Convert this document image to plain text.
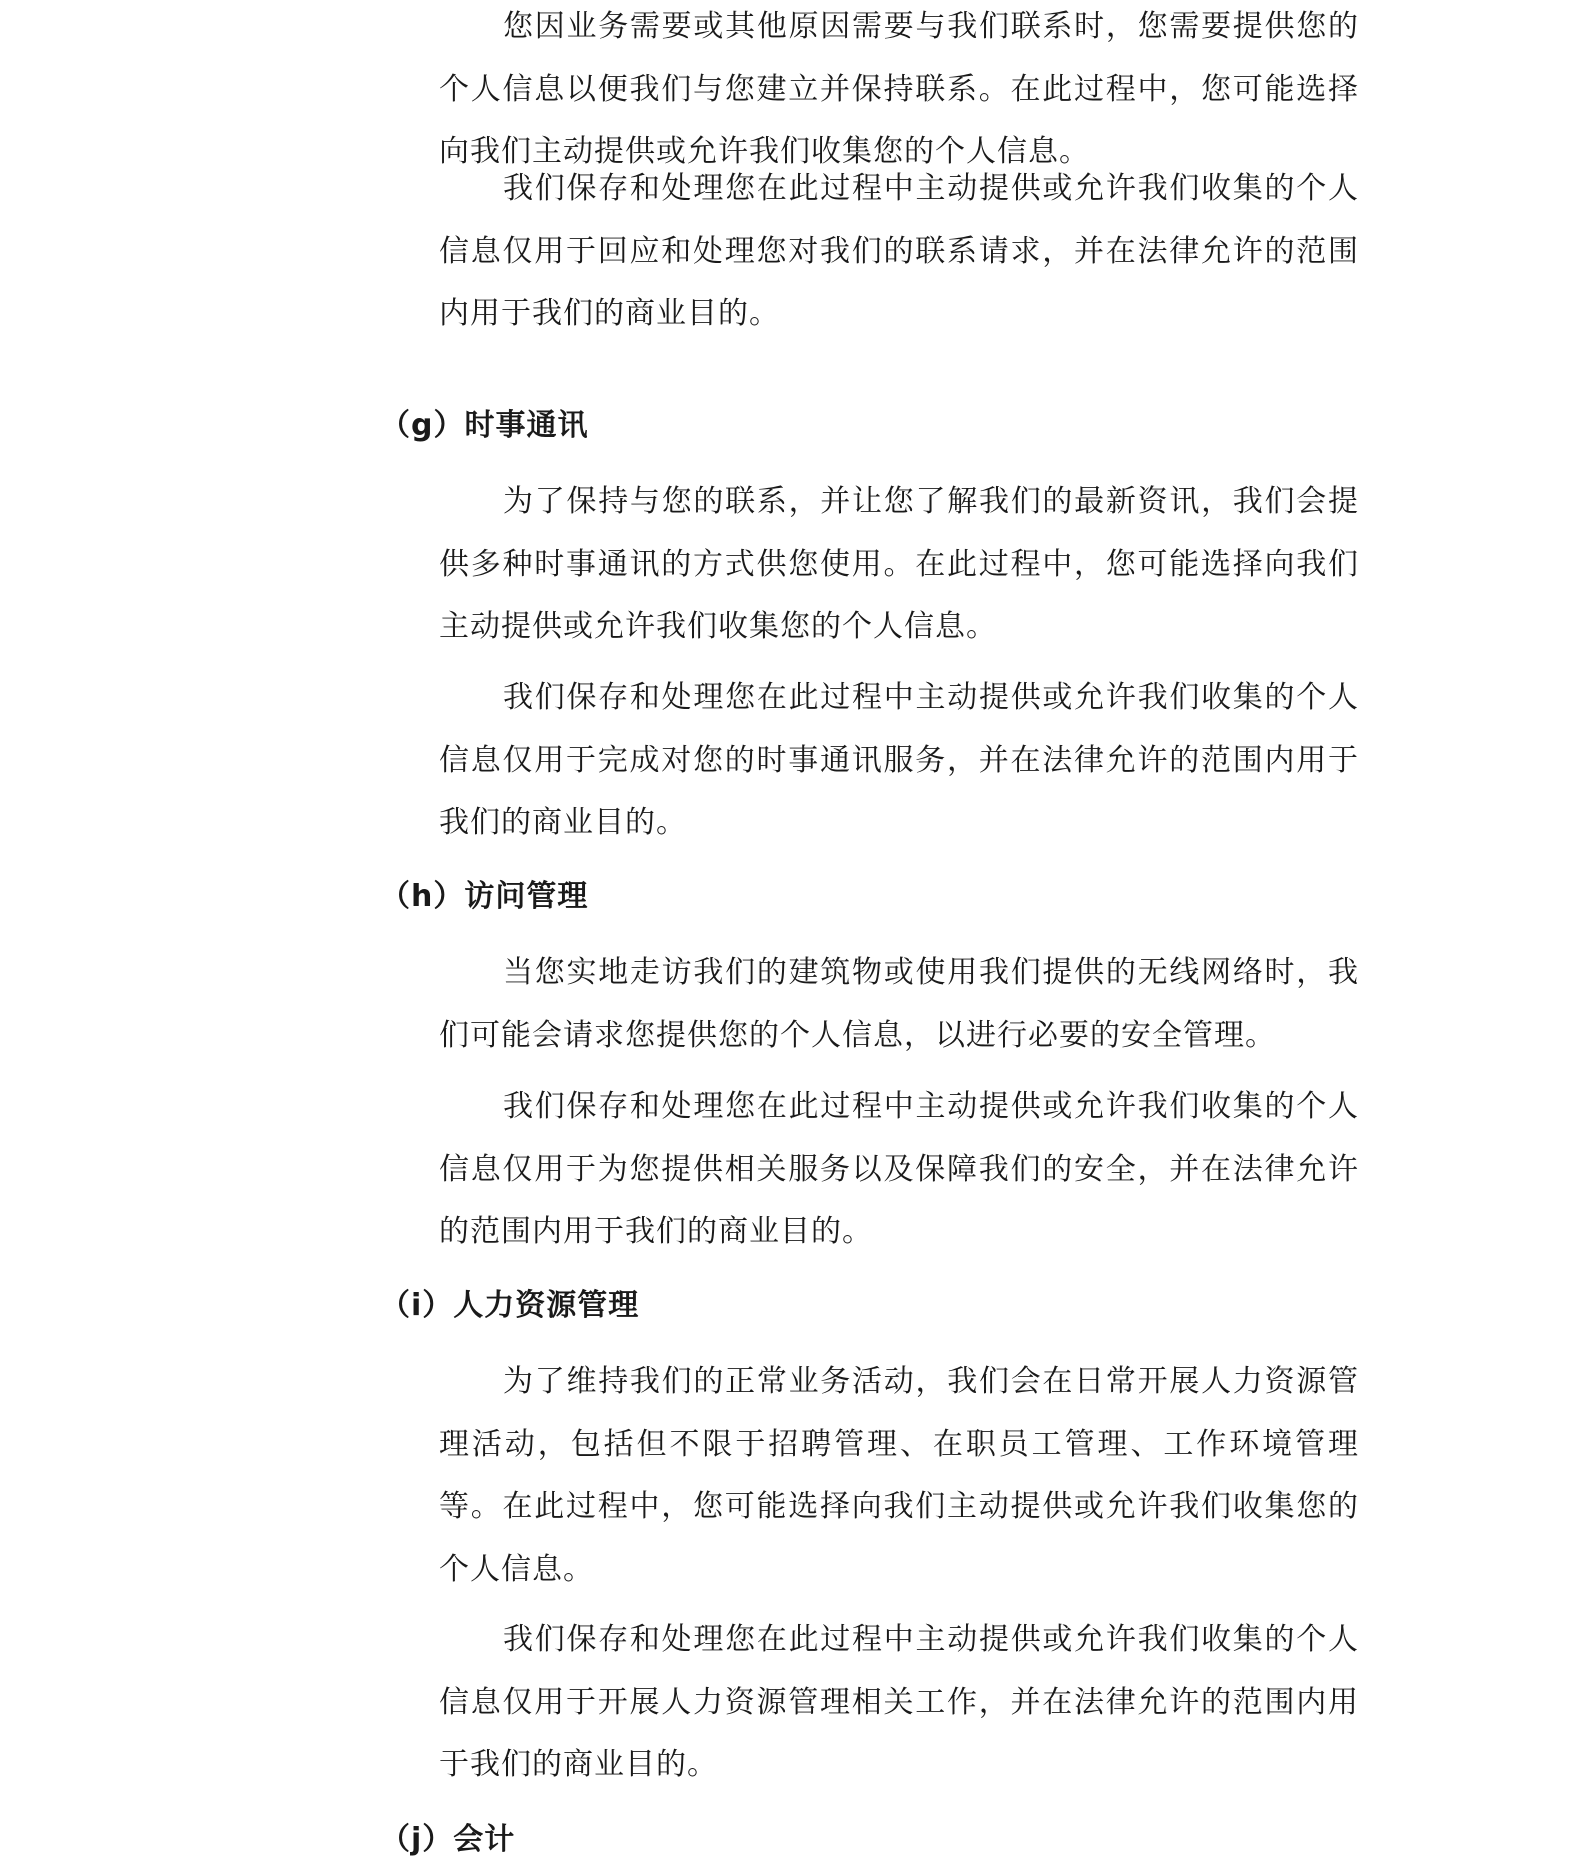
您因业务需要或其他原因需要与我们联系时，您需要提供您的个人信息以便我们与您建立并保持联系。在此过程中，您可能选择向我们主动提供或允许我们收集您的个人信息。

我们保存和处理您在此过程中主动提供或允许我们收集的个人信息仅用于回应和处理您对我们的联系请求，并在法律允许的范围内用于我们的商业目的。

（g）时事通讯

为了保持与您的联系，并让您了解我们的最新资讯，我们会提供多种时事通讯的方式供您使用。在此过程中，您可能选择向我们主动提供或允许我们收集您的个人信息。

我们保存和处理您在此过程中主动提供或允许我们收集的个人信息仅用于完成对您的时事通讯服务，并在法律允许的范围内用于我们的商业目的。

（h）访问管理

当您实地走访我们的建筑物或使用我们提供的无线网络时，我们可能会请求您提供您的个人信息，以进行必要的安全管理。

我们保存和处理您在此过程中主动提供或允许我们收集的个人信息仅用于为您提供相关服务以及保障我们的安全，并在法律允许的范围内用于我们的商业目的。

（i）人力资源管理

为了维持我们的正常业务活动，我们会在日常开展人力资源管理活动，包括但不限于招聘管理、在职员工管理、工作环境管理等。在此过程中，您可能选择向我们主动提供或允许我们收集您的个人信息。

我们保存和处理您在此过程中主动提供或允许我们收集的个人信息仅用于开展人力资源管理相关工作，并在法律允许的范围内用于我们的商业目的。

（j）会计
